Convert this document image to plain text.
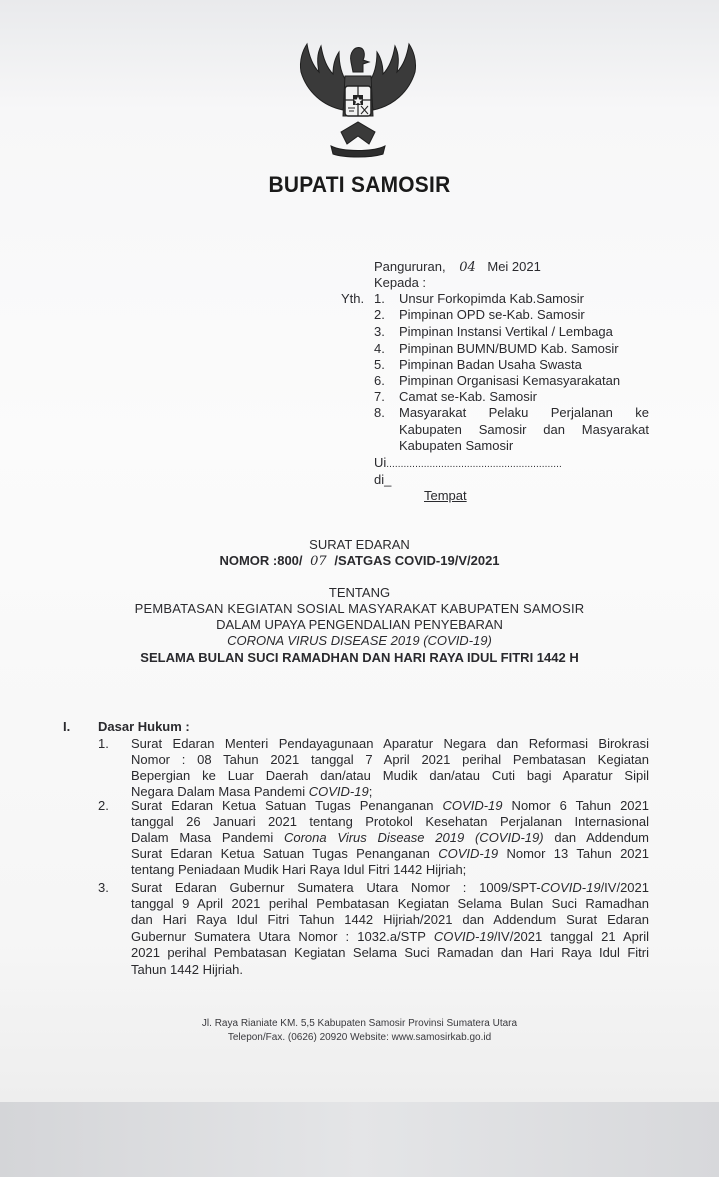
BUPATI SAMOSIR
Pangururan, 04 Mei 2021
Kepada :
Yth. 1. Unsur Forkopimda Kab.Samosir
2. Pimpinan OPD se-Kab. Samosir
3. Pimpinan Instansi Vertikal / Lembaga
4. Pimpinan BUMN/BUMD Kab. Samosir
5. Pimpinan Badan Usaha Swasta
6. Pimpinan Organisasi Kemasyarakatan
7. Camat se-Kab. Samosir
8. Masyarakat Pelaku Perjalanan ke
Kabupaten Samosir dan Masyarakat
Kabupaten Samosir
Ui.............................................................
di_
Tempat
SURAT EDARAN
NOMOR :800/ 07 /SATGAS COVID-19/V/2021
TENTANG
PEMBATASAN KEGIATAN SOSIAL MASYARAKAT KABUPATEN SAMOSIR
DALAM UPAYA PENGENDALIAN PENYEBARAN
CORONA VIRUS DISEASE 2019 (COVID-19)
SELAMA BULAN SUCI RAMADHAN DAN HARI RAYA IDUL FITRI 1442 H
I. Dasar Hukum :
1. Surat Edaran Menteri Pendayagunaan Aparatur Negara dan Reformasi Birokrasi
Nomor : 08 Tahun 2021 tanggal 7 April 2021 perihal Pembatasan Kegiatan
Bepergian ke Luar Daerah dan/atau Mudik dan/atau Cuti bagi Aparatur Sipil
Negara Dalam Masa Pandemi COVID-19;
2. Surat Edaran Ketua Satuan Tugas Penanganan COVID-19 Nomor 6 Tahun 2021
tanggal 26 Januari 2021 tentang Protokol Kesehatan Perjalanan Internasional
Dalam Masa Pandemi Corona Virus Disease 2019 (COVID-19) dan Addendum
Surat Edaran Ketua Satuan Tugas Penanganan COVID-19 Nomor 13 Tahun 2021
tentang Peniadaan Mudik Hari Raya Idul Fitri 1442 Hijriah;
3. Surat Edaran Gubernur Sumatera Utara Nomor : 1009/SPT-COVID-19/IV/2021
tanggal 9 April 2021 perihal Pembatasan Kegiatan Selama Bulan Suci Ramadhan
dan Hari Raya Idul Fitri Tahun 1442 Hijriah/2021 dan Addendum Surat Edaran
Gubernur Sumatera Utara Nomor : 1032.a/STP COVID-19/IV/2021 tanggal 21 April
2021 perihal Pembatasan Kegiatan Selama Suci Ramadan dan Hari Raya Idul Fitri
Tahun 1442 Hijriah.
Jl. Raya Rianiate KM. 5,5 Kabupaten Samosir Provinsi Sumatera Utara
Telepon/Fax. (0626) 20920 Website: www.samosirkab.go.id
